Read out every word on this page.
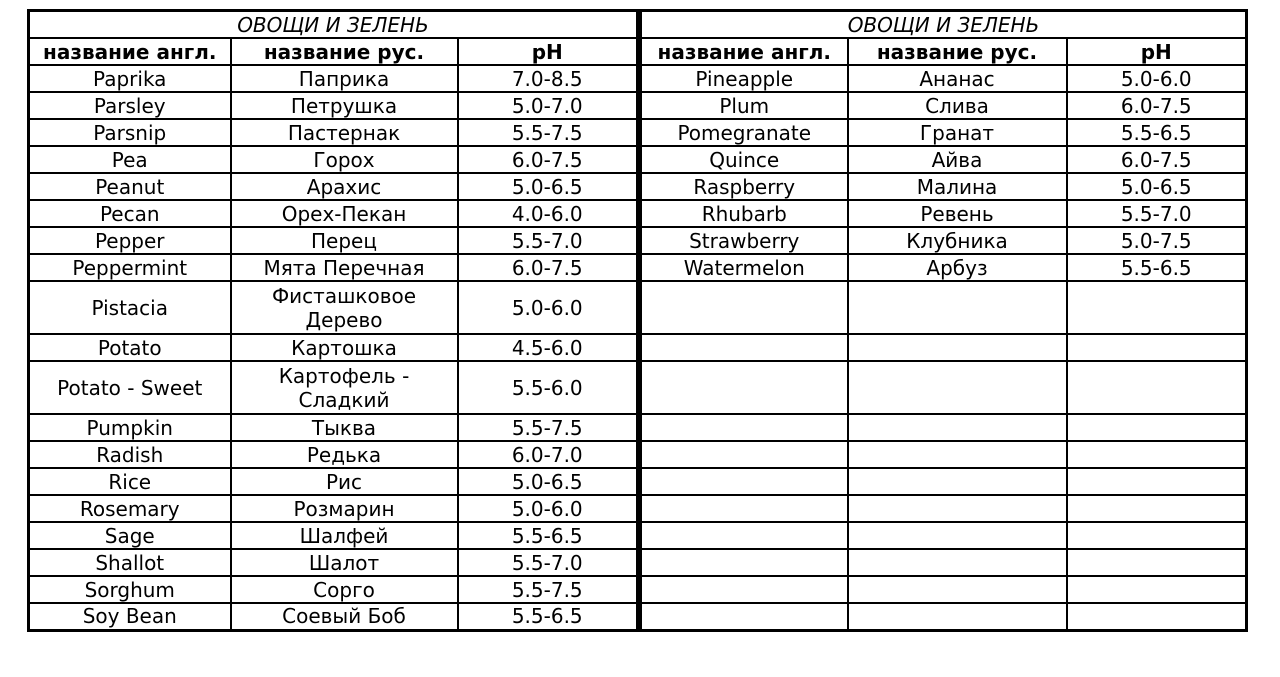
ОВОЩИ И ЗЕЛЕНЬ		
название англ.	название рус.	pH
Paprika	Паприка	7.0-8.5
Parsley	Петрушка	5.0-7.0
Parsnip	Пастернак	5.5-7.5
Pea	Горох	6.0-7.5
Peanut	Арахис	5.0-6.5
Pecan	Орех-Пекан	4.0-6.0
Pepper	Перец	5.5-7.0
Peppermint	Мята Перечная	6.0-7.5
Pistacia	Фисташковое Дерево	5.0-6.0
Potato	Картошка	4.5-6.0
Potato - Sweet	Картофель - Сладкий	5.5-6.0
Pumpkin	Тыква	5.5-7.5
Radish	Редька	6.0-7.0
Rice	Рис	5.0-6.5
Rosemary	Розмарин	5.0-6.0
Sage	Шалфей	5.5-6.5
Shallot	Шалот	5.5-7.0
Sorghum	Сорго	5.5-7.5
Soy Bean	Соевый Боб	5.5-6.5
ОВОЩИ И ЗЕЛЕНЬ		
название англ.	название рус.	pH
Pineapple	Ананас	5.0-6.0
Plum	Слива	6.0-7.5
Pomegranate	Гранат	5.5-6.5
Quince	Айва	6.0-7.5
Raspberry	Малина	5.0-6.5
Rhubarb	Ревень	5.5-7.0
Strawberry	Клубника	5.0-7.5
Watermelon	Арбуз	5.5-6.5
